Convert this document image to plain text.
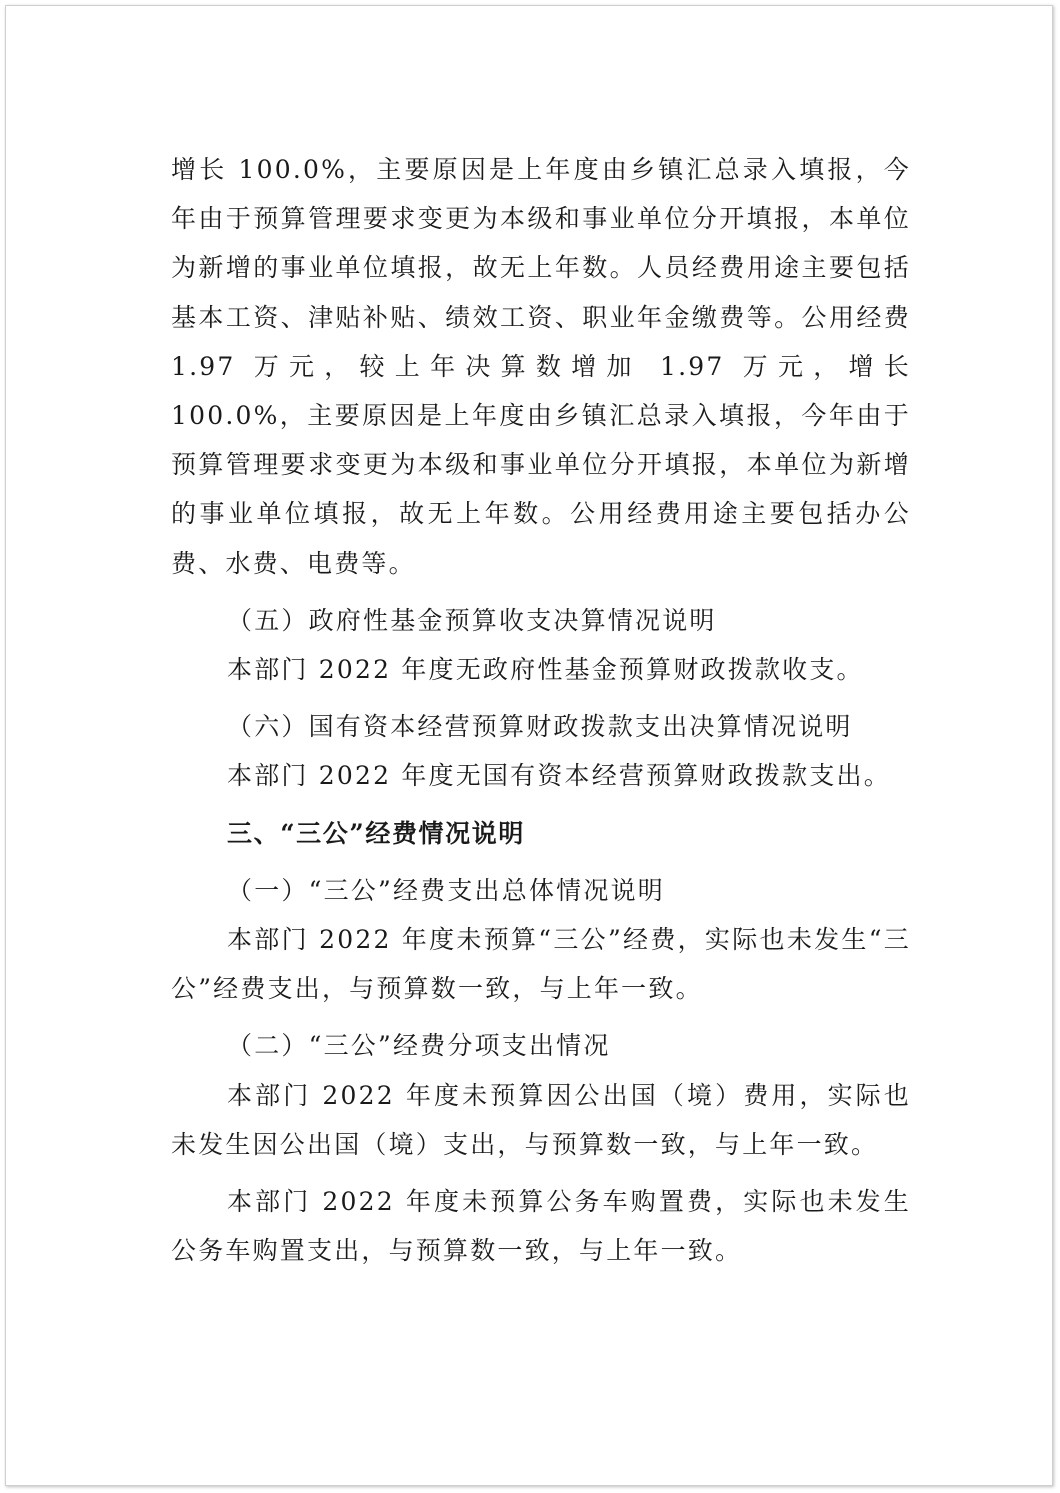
增长 100.0%，主要原因是上年度由乡镇汇总录入填报，今年由于预算管理要求变更为本级和事业单位分开填报，本单位为新增的事业单位填报，故无上年数。人员经费用途主要包括基本工资、津贴补贴、绩效工资、职业年金缴费等。公用经费 1.97 万元，较上年决算数增加 1.97 万元，增长 100.0%，主要原因是上年度由乡镇汇总录入填报，今年由于预算管理要求变更为本级和事业单位分开填报，本单位为新增的事业单位填报，故无上年数。公用经费用途主要包括办公费、水费、电费等。

（五）政府性基金预算收支决算情况说明

本部门 2022 年度无政府性基金预算财政拨款收支。

（六）国有资本经营预算财政拨款支出决算情况说明

本部门 2022 年度无国有资本经营预算财政拨款支出。

三、“三公”经费情况说明
（一）“三公”经费支出总体情况说明

本部门 2022 年度未预算“三公”经费，实际也未发生“三公”经费支出，与预算数一致，与上年一致。

（二）“三公”经费分项支出情况

本部门 2022 年度未预算因公出国（境）费用，实际也未发生因公出国（境）支出，与预算数一致，与上年一致。

本部门 2022 年度未预算公务车购置费，实际也未发生公务车购置支出，与预算数一致，与上年一致。
